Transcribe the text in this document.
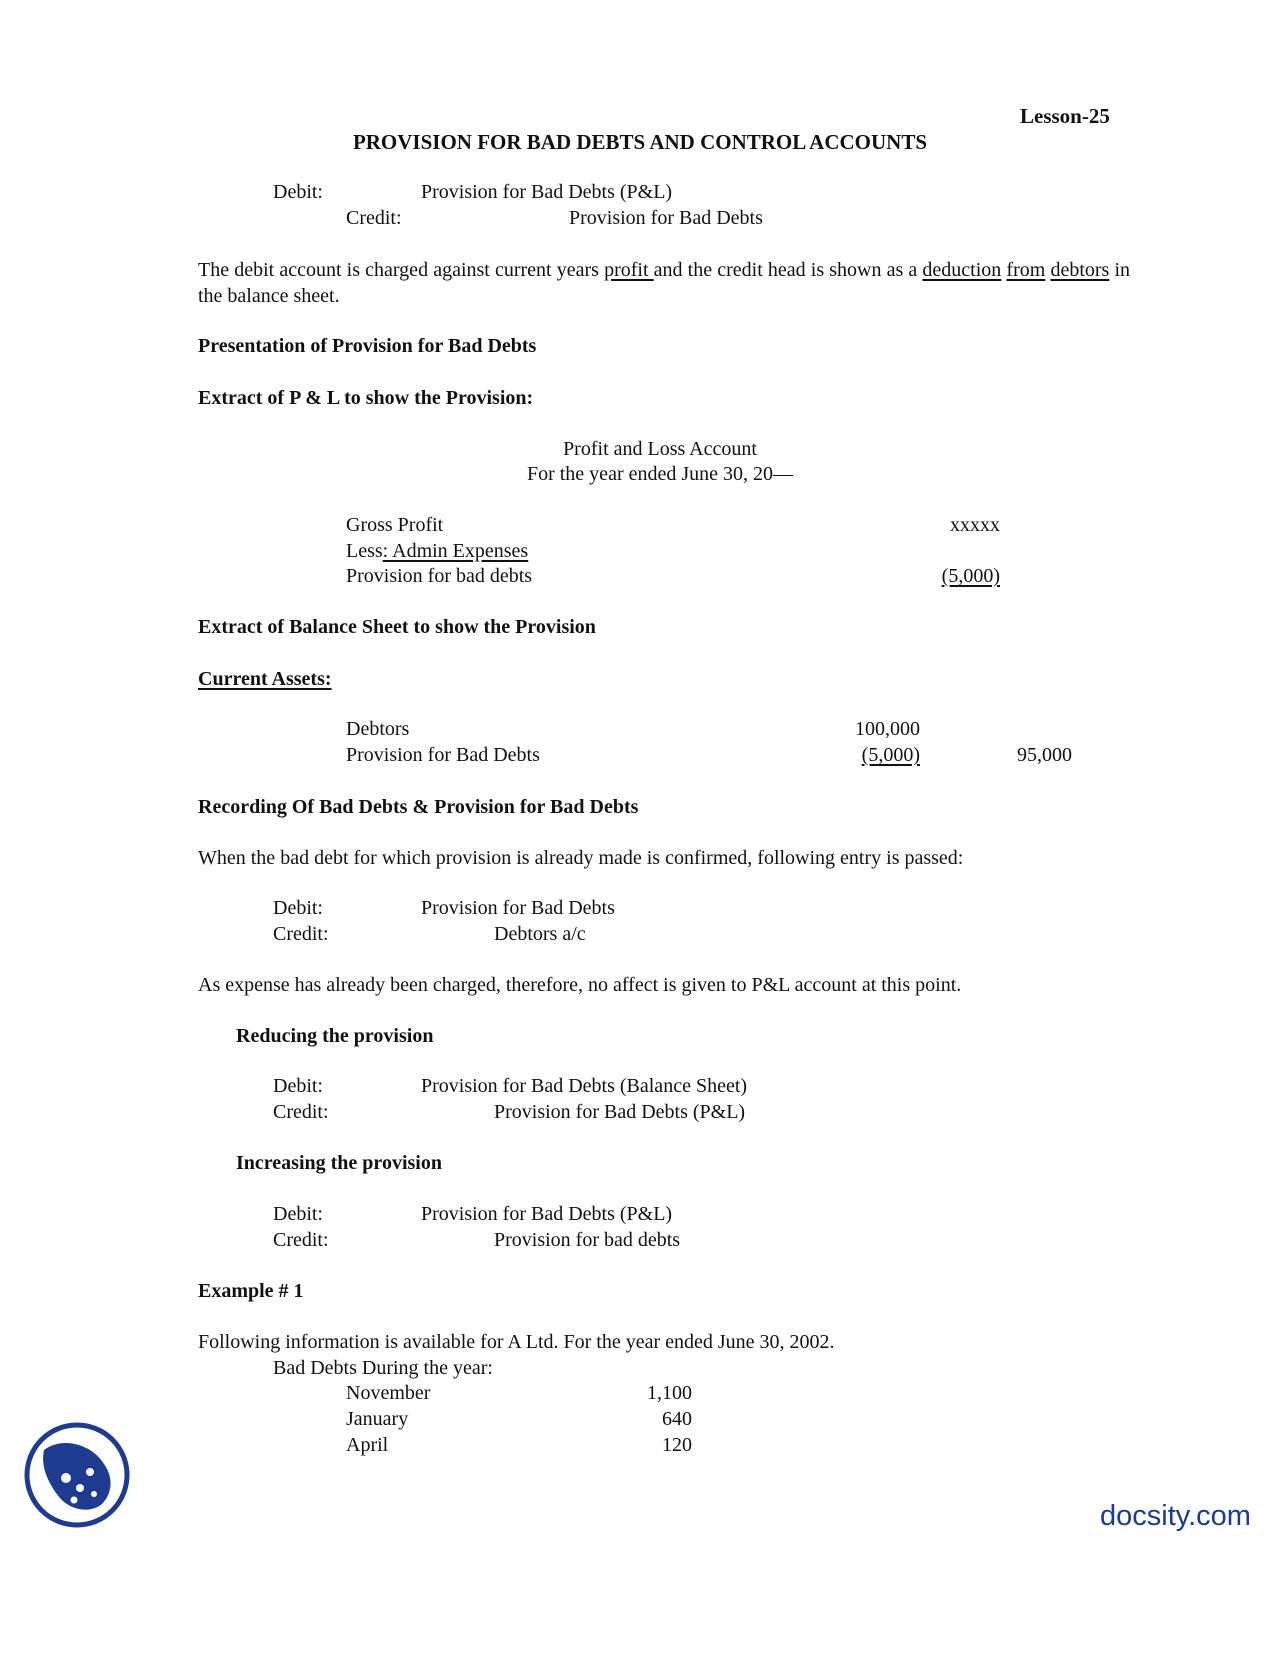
Lesson-25
PROVISION FOR BAD DEBTS AND CONTROL ACCOUNTS
Debit:	Provision for Bad Debts (P&L)
Credit:	Provision for Bad Debts
The debit account is charged against current years profit and the credit head is shown as a deduction from debtors in the balance sheet.
Presentation of Provision for Bad Debts
Extract of P & L to show the Provision:
Profit and Loss Account
For the year ended June 30, 20—
Gross Profit	xxxxx
Less: Admin Expenses
Provision for bad debts	(5,000)
Extract of Balance Sheet to show the Provision
Current Assets:
Debtors	100,000
Provision for Bad Debts	(5,000)	95,000
Recording Of Bad Debts & Provision for Bad Debts
When the bad debt for which provision is already made is confirmed, following entry is passed:
Debit:	Provision for Bad Debts
Credit:	Debtors a/c
As expense has already been charged, therefore, no affect is given to P&L account at this point.
Reducing the provision
Debit:	Provision for Bad Debts (Balance Sheet)
Credit:	Provision for Bad Debts (P&L)
Increasing the provision
Debit:	Provision for Bad Debts (P&L)
Credit:	Provision for bad debts
Example # 1
Following information is available for A Ltd. For the year ended June 30, 2002.
Bad Debts During the year:
November	1,100
January	640
April	120
docsity.com
